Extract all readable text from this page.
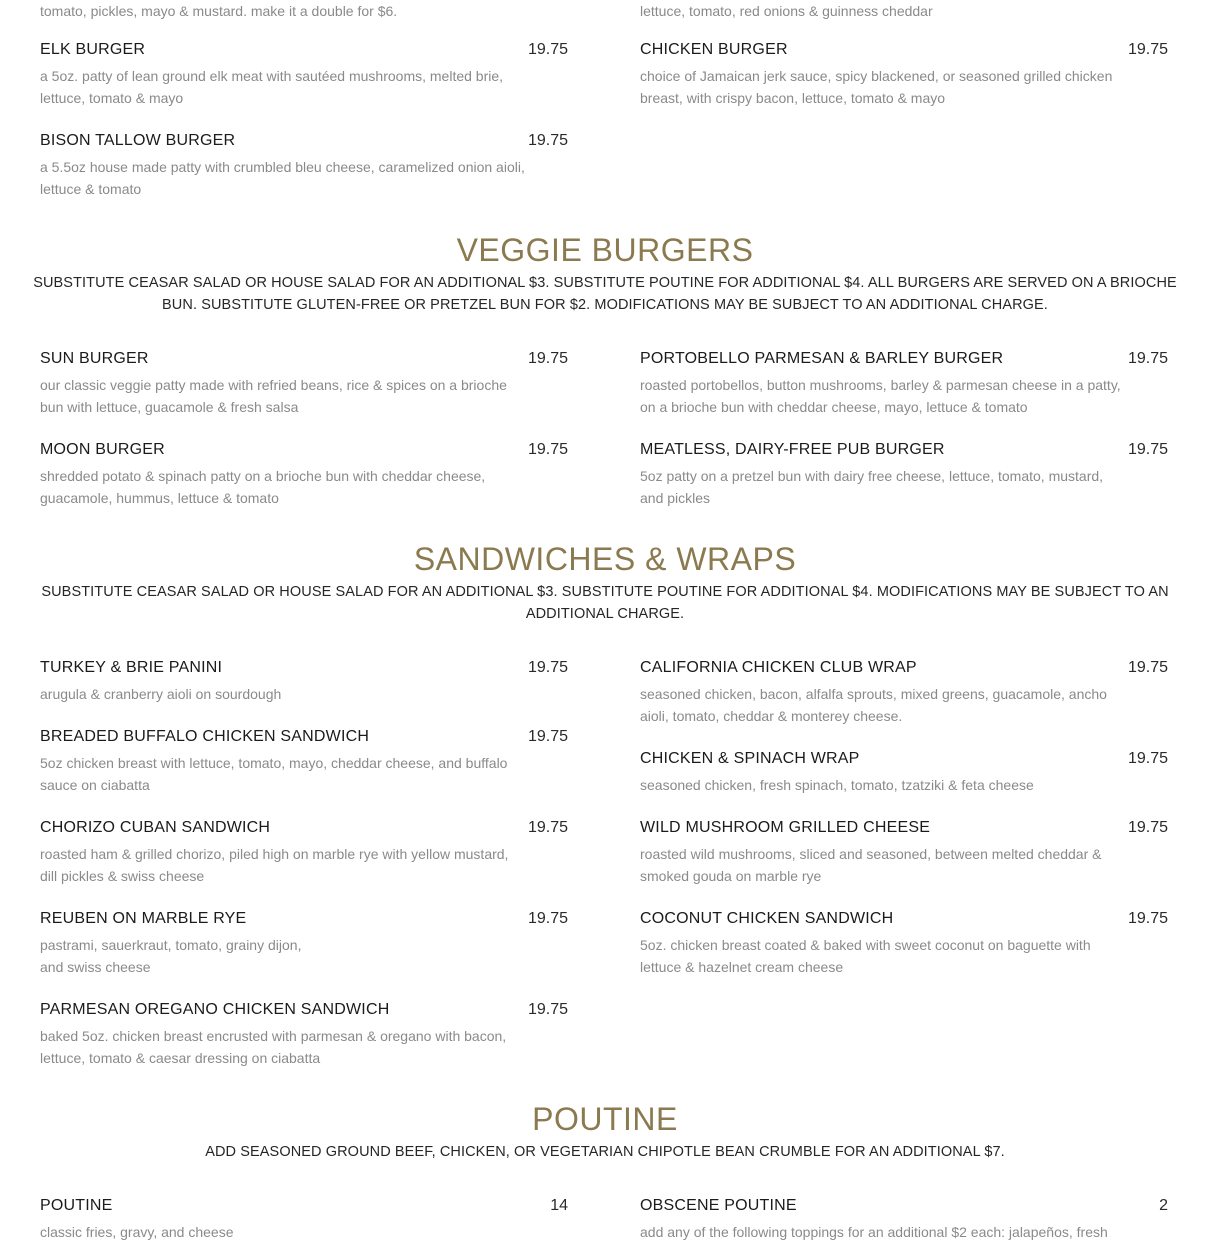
tomato, pickles, mayo & mustard. make it a double for $6.	lettuce, tomato, red onions & guinness cheddar
ELK BURGER	19.75
a 5oz. patty of lean ground elk meat with sautéed mushrooms, melted brie, lettuce, tomato & mayo
CHICKEN BURGER	19.75
choice of Jamaican jerk sauce, spicy blackened, or seasoned grilled chicken breast, with crispy bacon, lettuce, tomato & mayo
BISON TALLOW BURGER	19.75
a 5.5oz house made patty with crumbled bleu cheese, caramelized onion aioli, lettuce & tomato
VEGGIE BURGERS
SUBSTITUTE CEASAR SALAD OR HOUSE SALAD FOR AN ADDITIONAL $3. SUBSTITUTE POUTINE FOR ADDITIONAL $4. ALL BURGERS ARE SERVED ON A BRIOCHE BUN. SUBSTITUTE GLUTEN-FREE OR PRETZEL BUN FOR $2. MODIFICATIONS MAY BE SUBJECT TO AN ADDITIONAL CHARGE.
SUN BURGER	19.75
our classic veggie patty made with refried beans, rice & spices on a brioche bun with lettuce, guacamole & fresh salsa
PORTOBELLO PARMESAN & BARLEY BURGER	19.75
roasted portobellos, button mushrooms, barley & parmesan cheese in a patty, on a brioche bun with cheddar cheese, mayo, lettuce & tomato
MOON BURGER	19.75
shredded potato & spinach patty on a brioche bun with cheddar cheese, guacamole, hummus, lettuce & tomato
MEATLESS, DAIRY-FREE PUB BURGER	19.75
5oz patty on a pretzel bun with dairy free cheese, lettuce, tomato, mustard, and pickles
SANDWICHES & WRAPS
SUBSTITUTE CEASAR SALAD OR HOUSE SALAD FOR AN ADDITIONAL $3. SUBSTITUTE POUTINE FOR ADDITIONAL $4. MODIFICATIONS MAY BE SUBJECT TO AN ADDITIONAL CHARGE.
TURKEY & BRIE PANINI	19.75
arugula & cranberry aioli on sourdough
CALIFORNIA CHICKEN CLUB WRAP	19.75
seasoned chicken, bacon, alfalfa sprouts, mixed greens, guacamole, ancho aioli, tomato, cheddar & monterey cheese.
BREADED BUFFALO CHICKEN SANDWICH	19.75
5oz chicken breast with lettuce, tomato, mayo, cheddar cheese, and buffalo sauce on ciabatta
CHICKEN & SPINACH WRAP	19.75
seasoned chicken, fresh spinach, tomato, tzatziki & feta cheese
CHORIZO CUBAN SANDWICH	19.75
roasted ham & grilled chorizo, piled high on marble rye with yellow mustard, dill pickles & swiss cheese
WILD MUSHROOM GRILLED CHEESE	19.75
roasted wild mushrooms, sliced and seasoned, between melted cheddar & smoked gouda on marble rye
REUBEN ON MARBLE RYE	19.75
pastrami, sauerkraut, tomato, grainy dijon,
and swiss cheese
COCONUT CHICKEN SANDWICH	19.75
5oz. chicken breast coated & baked with sweet coconut on baguette with lettuce & hazelnet cream cheese
PARMESAN OREGANO CHICKEN SANDWICH	19.75
baked 5oz. chicken breast encrusted with parmesan & oregano with bacon, lettuce, tomato & caesar dressing on ciabatta
POUTINE
ADD SEASONED GROUND BEEF, CHICKEN, OR VEGETARIAN CHIPOTLE BEAN CRUMBLE FOR AN ADDITIONAL $7.
POUTINE	14
classic fries, gravy, and cheese
OBSCENE POUTINE	2
add any of the following toppings for an additional $2 each: jalapeños, fresh
